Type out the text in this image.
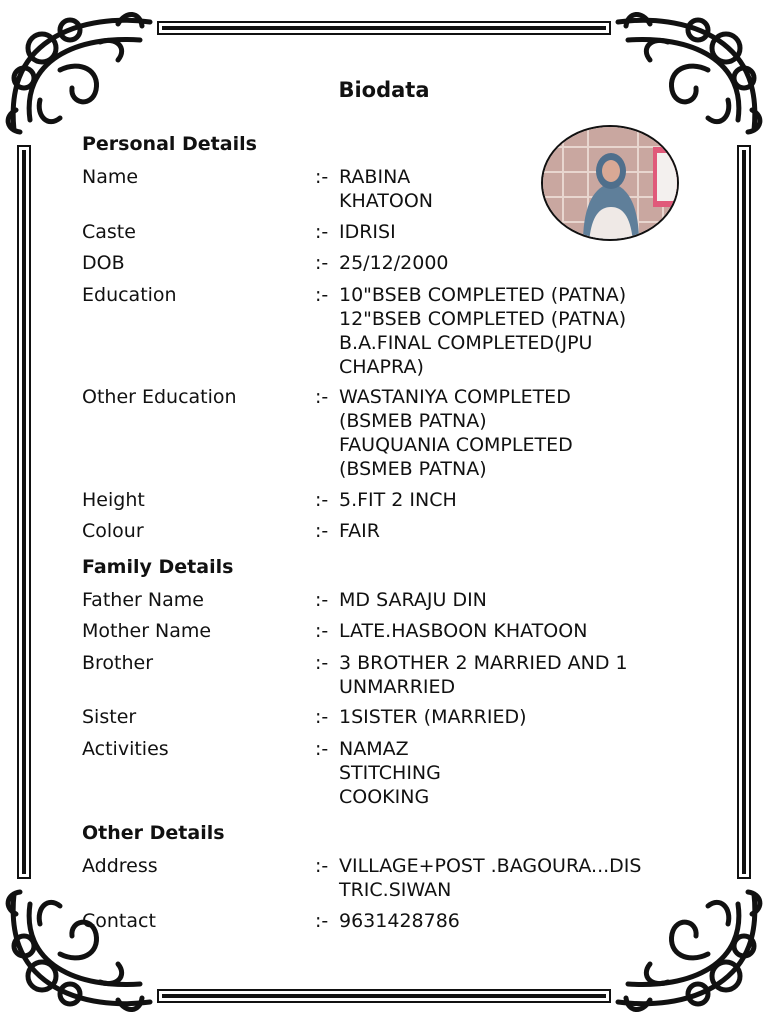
Biodata
Personal Details
Name	:- RABINA
KHATOON
Caste	:- IDRISI
DOB	:- 25/12/2000
Education	:- 10"BSEB COMPLETED (PATNA)
12"BSEB COMPLETED (PATNA)
B.A.FINAL COMPLETED(JPU
CHAPRA)
Other Education	:- WASTANIYA COMPLETED
(BSMEB PATNA)
FAUQUANIA COMPLETED
(BSMEB PATNA)
Height	:- 5.FIT 2 INCH
Colour	:- FAIR
Family Details
Father Name	:- MD SARAJU DIN
Mother Name	:- LATE.HASBOON KHATOON
Brother	:- 3 BROTHER 2 MARRIED AND 1
UNMARRIED
Sister	:- 1SISTER (MARRIED)
Activities	:- NAMAZ
STITCHING
COOKING
Other Details
Address	:- VILLAGE+POST .BAGOURA...DIS
TRIC.SIWAN
Contact	:- 9631428786
